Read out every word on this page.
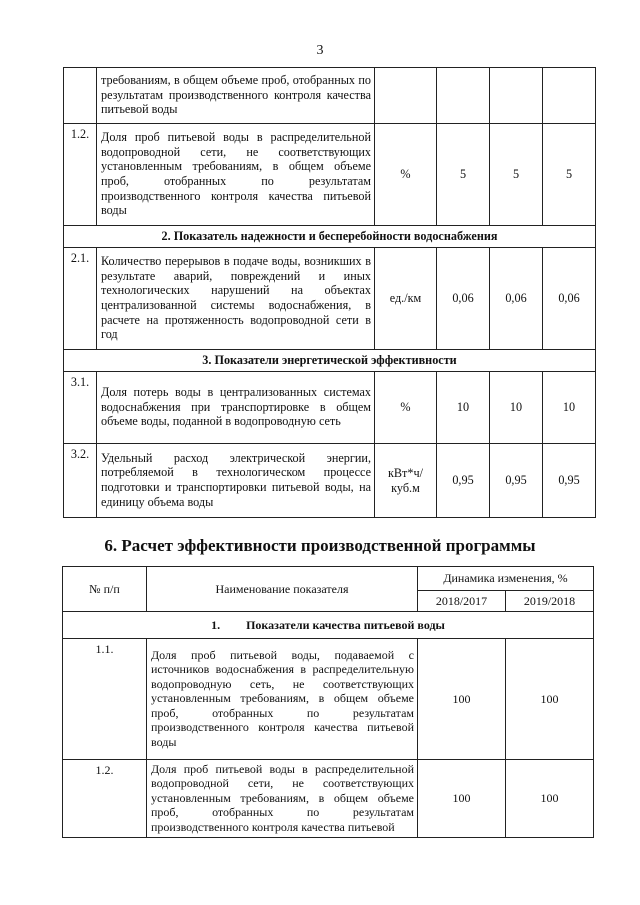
3
	требованиям, в общем объеме проб, отобранных по результатам производственного контроля качества питьевой воды				
1.2.	Доля проб питьевой воды в распределительной водопроводной сети, не соответствующих установленным требованиям, в общем объеме проб, отобранных по результатам производственного контроля качества питьевой воды	%	5	5	5
2. Показатель надежности и бесперебойности водоснабжения					
2.1.	Количество перерывов в подаче воды, возникших в результате аварий, повреждений и иных технологических нарушений на объектах централизованной системы водоснабжения, в расчете на протяженность водопроводной сети в год	ед./км	0,06	0,06	0,06
3. Показатели энергетической эффективности					
3.1.	Доля потерь воды в централизованных системах водоснабжения при транспортировке в общем объеме воды, поданной в водопроводную сеть	%	10	10	10
3.2.	Удельный расход электрической энергии, потребляемой в технологическом процессе подготовки и транспортировки питьевой воды, на единицу объема воды	кВт*ч/куб.м	0,95	0,95	0,95
6. Расчет эффективности производственной программы
№ п/п	Наименование показателя	Динамика изменения, %	
		2018/2017	2019/2018
1. Показатели качества питьевой воды			
1.1.	Доля проб питьевой воды, подаваемой с источников водоснабжения в распределительную водопроводную сеть, не соответствующих установленным требованиям, в общем объеме проб, отобранных по результатам производственного контроля качества питьевой воды	100	100
1.2.	Доля проб питьевой воды в распределительной водопроводной сети, не соответствующих установленным требованиям, в общем объеме проб, отобранных по результатам производственного контроля качества питьевой	100	100
